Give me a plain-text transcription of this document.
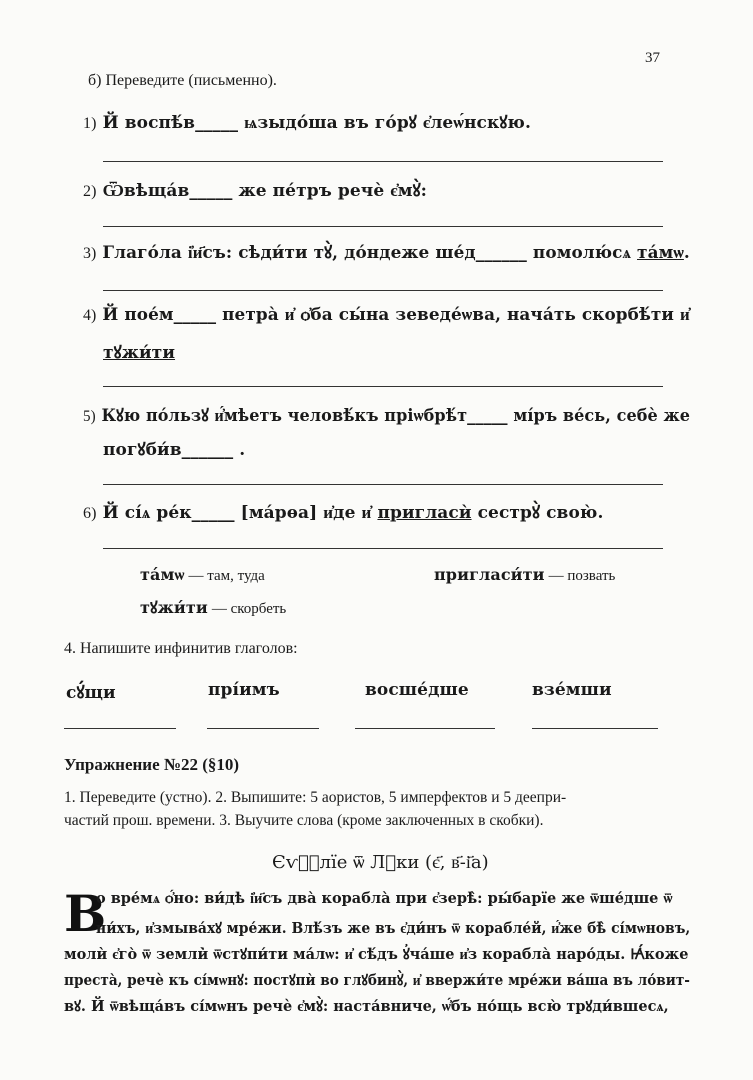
37
б) Переведите (письменно).
1) Й воспѣ́в_____ ѩзыдо́ша въ го́рꙋ є҆леѡ́нскꙋю.
2) Ѿвѣща́в_____ же пе́тръ речѐ є҆мꙋ̀:
3) Глаго́ла і҆и҃съ: сѣди́ти тꙋ̀, до́ндеже ше́д______ помолю́сѧ та́мѡ.
4) Й пое́м_____ петра̀ и҆ ѻ҆ба сы́на зеведе́ѡва, нача́ть скорбѣ́ти и҆
тꙋжи́ти
5) Кꙋю по́льзꙋ и҆́мѣетъ человѣ́къ пріѡбрѣ́т_____ мі́ръ ве́сь, себѐ же
погꙋби́в______ .
6) Й сі́ѧ ре́к_____ [ма́рѳа] и҆де и҆ пригласѝ сестрꙋ̀ свою̀.
та́мѡ — там, туда	пригласи́ти — позвать
тꙋжи́ти — скорбеть
4. Напишите инфинитив глаголов:
сꙋ́щи	прі́имъ	восше́дше	взе́мши
Упражнение №22 (§10)
1. Переведите (устно). 2. Выпишите: 5 аористов, 5 имперфектов и 5 деепри-
частий прош. времени. 3. Выучите слова (кроме заключенных в скобки).
Єѵⷢ҇лїе ѿ Лꙋки (є҃, в҃-і҃а)
В
о вре́мѧ ѻ҆́но: ви́дѣ і҆и҃съ два̀ корабла̀ при є҆зерѣ̀: ры́барїе же ѿше́дше ѿ
ни́хъ, и҆змыва́хꙋ мре́жи. Влѣ́зъ же въ є҆ди́нъ ѿ корабле́й, и҆́же бѣ̀ сі́мѡновъ,
молѝ є҆го̀ ѿ земли̇̀ ѿстꙋпи́ти ма́лѡ: и҆ сѣ́дъ ꙋ҆ча́ше и҆з корабла̀ наро́ды. Ꙗ҆́коже
преста̀, речѐ къ сі́мѡнꙋ: постꙋпѝ во глꙋбинꙋ̀, и҆ ввержи́те мре́жи ва́ша въ ло́вит-
вꙋ. Й ѿвѣща́въ сі́мѡнъ речѐ є҆мꙋ̀: наста́вниче, ѡ҆́бъ но́щь всю̀ трꙋди́вшесѧ,
